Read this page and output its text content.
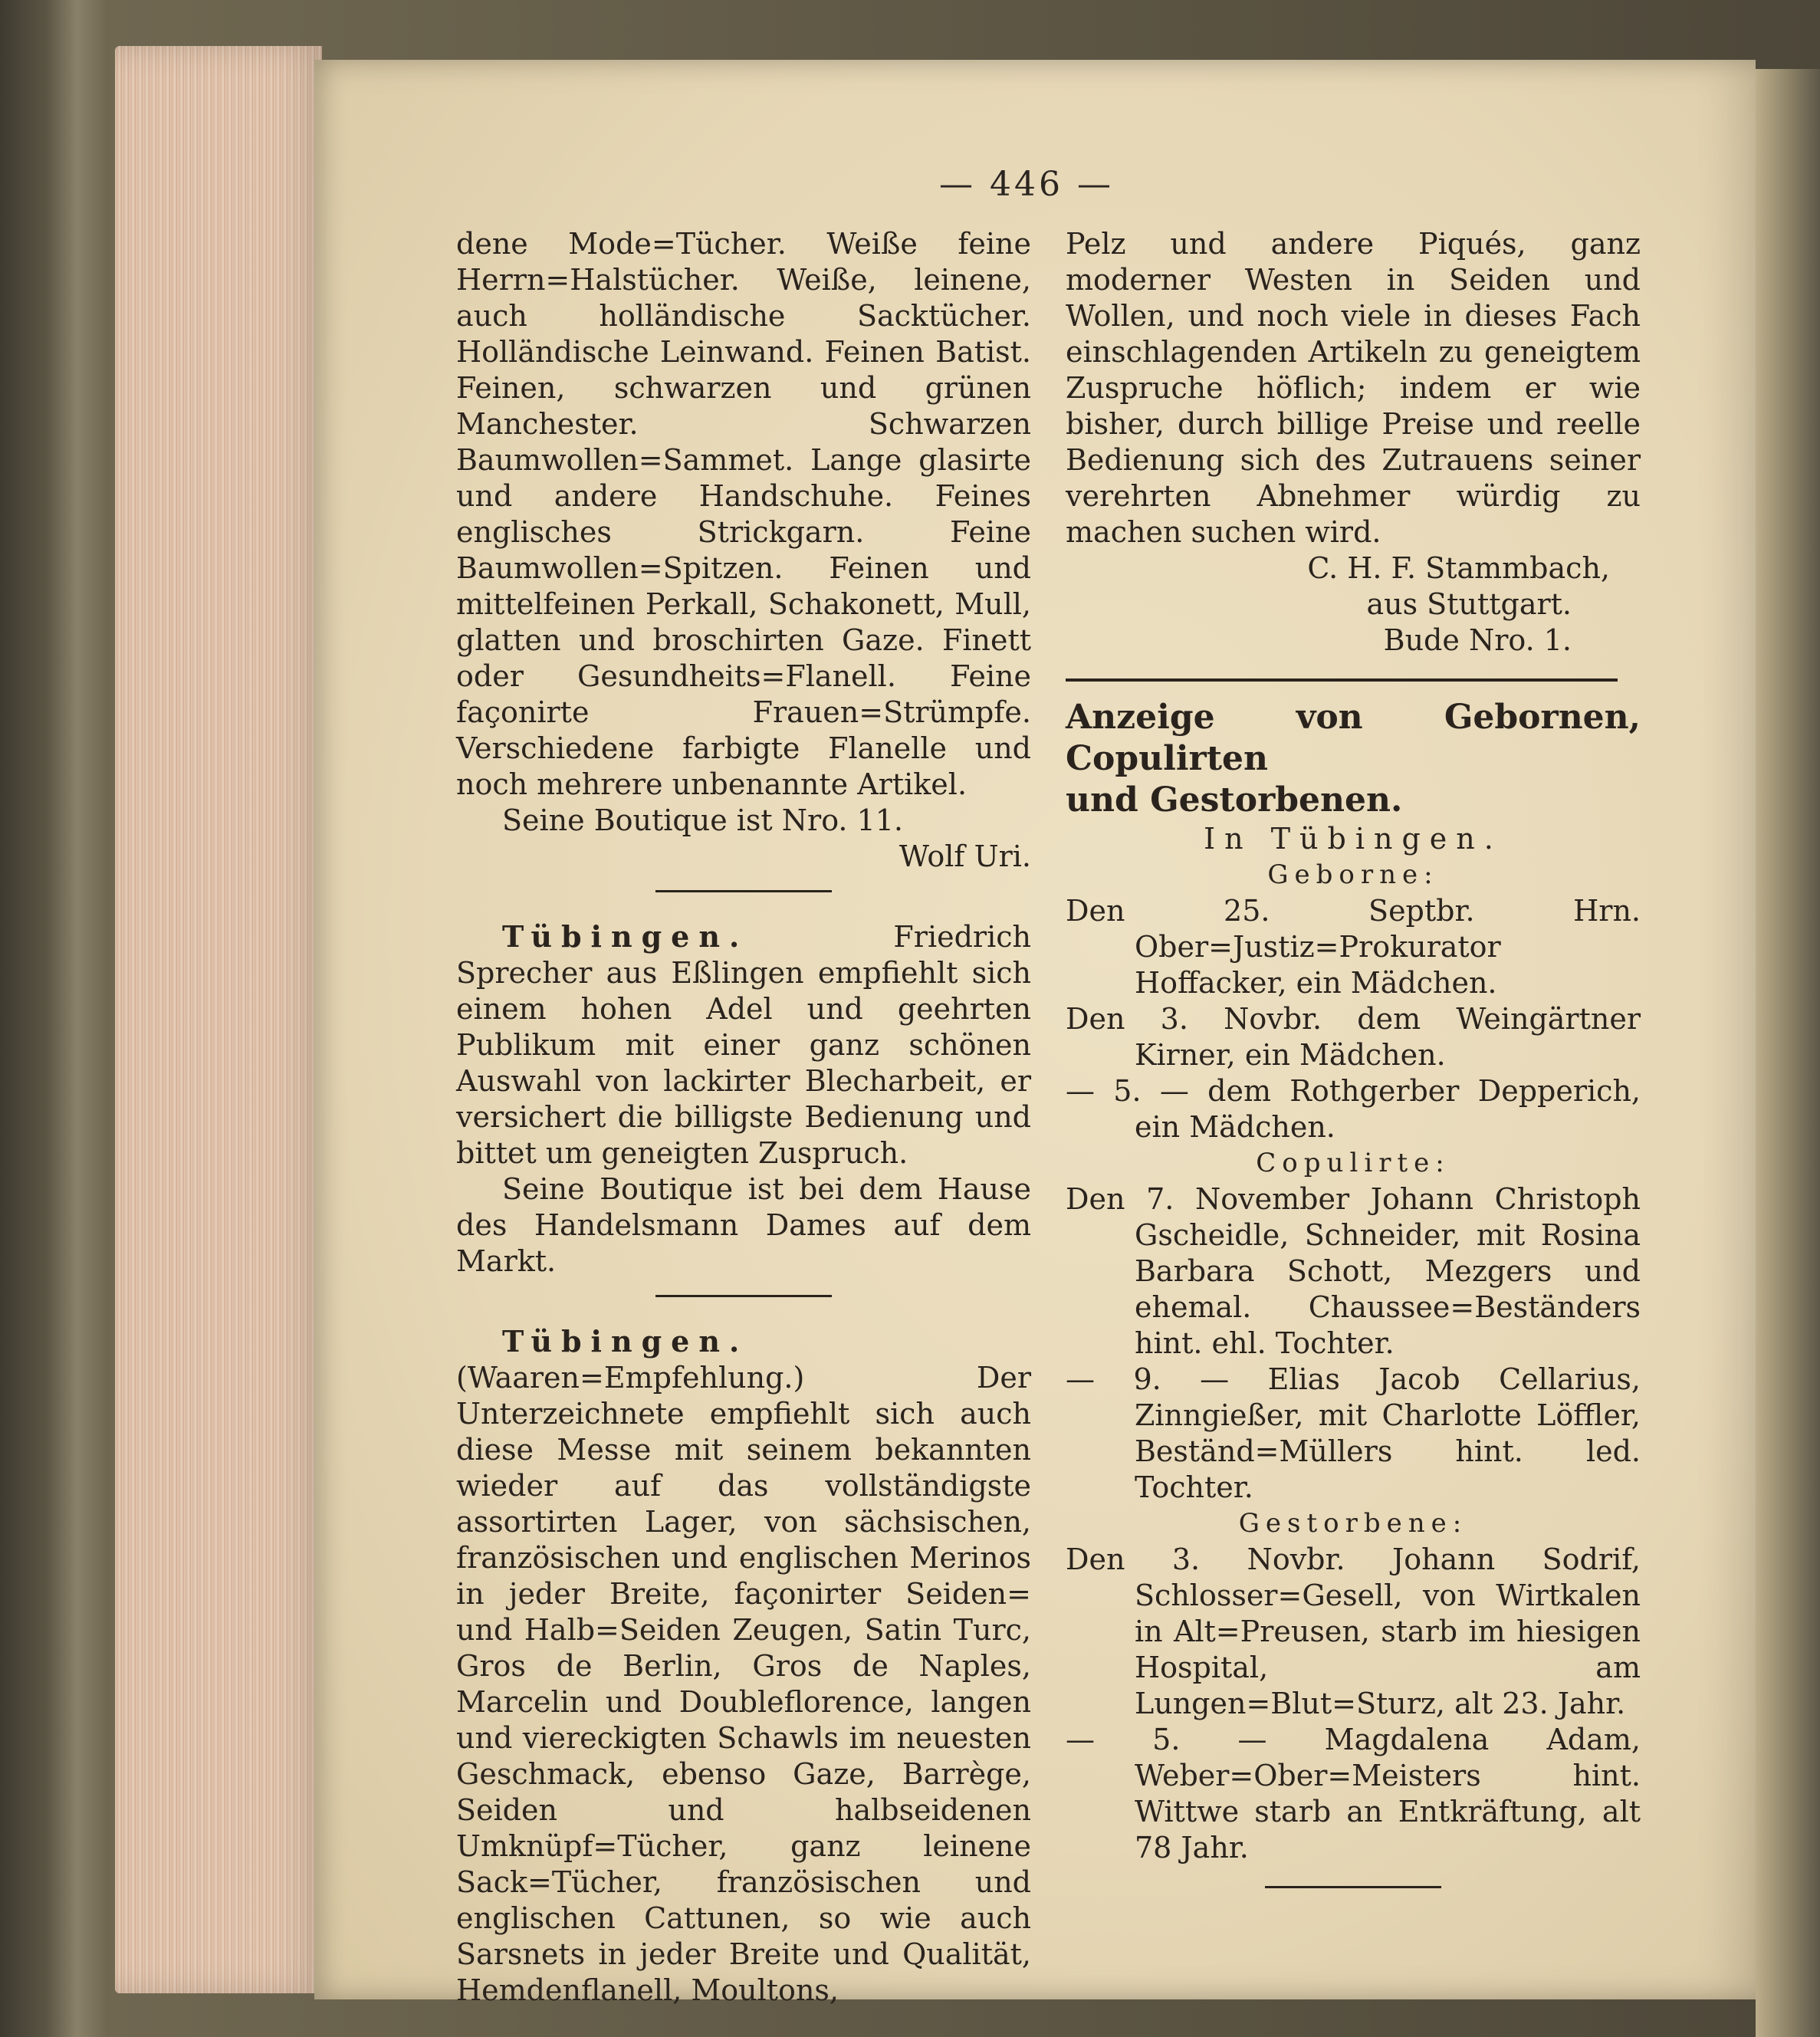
— 446 —

dene Mode=Tücher. Weiße feine Herrn=Halstücher. Weiße, leinene, auch holländische Sacktücher. Holländische Leinwand. Feinen Batist. Feinen, schwarzen und grünen Manchester. Schwarzen Baumwollen=Sammet. Lange glasirte und andere Handschuhe. Feines englisches Strickgarn. Feine Baumwollen=Spitzen. Feinen und mittelfeinen Perkall, Schakonett, Mull, glatten und broschirten Gaze. Finett oder Gesundheits=Flanell. Feine façonirte Frauen=Strümpfe. Verschiedene farbigte Flanelle und noch mehrere unbenannte Artikel.

Seine Boutique ist Nro. 11.

Wolf Uri.

Tübingen.	Friedrich Sprecher aus Eßlingen empfiehlt sich einem hohen Adel und geehrten Publikum mit einer ganz schönen Auswahl von lackirter Blecharbeit, er versichert die billigste Bedienung und bittet um geneigten Zuspruch.

Seine Boutique ist bei dem Hause des Handelsmann Dames auf dem Markt.

Tübingen. (Waaren=Empfehlung.)	Der Unterzeichnete empfiehlt sich auch diese Messe mit seinem bekannten wieder auf das vollständigste assortirten Lager, von sächsischen, französischen und englischen Merinos in jeder Breite, façonirter Seiden= und Halb=Seiden Zeugen, Satin Turc, Gros de Berlin, Gros de Naples, Marcelin und Doubleflorence, langen und viereckigten Schawls im neuesten Geschmack, ebenso Gaze, Barrège, Seiden und halbseidenen Umknüpf=Tücher, ganz leinene Sack=Tücher, französischen und englischen Cattunen, so wie auch Sarsnets in jeder Breite und Qualität, Hemdenflanell, Moultons,

Pelz und andere Piqués, ganz moderner Westen in Seiden und Wollen, und noch viele in dieses Fach einschlagenden Artikeln zu geneigtem Zuspruche höflich; indem er wie bisher, durch billige Preise und reelle Bedienung sich des Zutrauens seiner verehrten Abnehmer würdig zu machen suchen wird.

C. H. F. Stammbach,

aus Stuttgart.

Bude Nro. 1.

Anzeige von Gebornen, Copulirten

und Gestorbenen.

In Tübingen.

Geborne:

Den 25. Septbr. Hrn. Ober=Justiz=Prokurator Hoffacker, ein Mädchen.

Den 3. Novbr. dem Weingärtner Kirner, ein Mädchen.

— 5. — dem Rothgerber Depperich, ein Mädchen.

Copulirte:

Den 7. November Johann Christoph Gscheidle, Schneider, mit Rosina Barbara Schott, Mezgers und ehemal. Chaussee=Beständers hint. ehl. Tochter.

— 9. — Elias Jacob Cellarius, Zinngießer, mit Charlotte Löffler, Beständ=Müllers hint. led. Tochter.

Gestorbene:

Den 3. Novbr. Johann Sodrif, Schlosser=Gesell, von Wirtkalen in Alt=Preusen, starb im hiesigen Hospital, am Lungen=Blut=Sturz, alt 23. Jahr.

— 5. — Magdalena Adam, Weber=Ober=Meisters hint. Wittwe starb an Entkräftung, alt 78 Jahr.
